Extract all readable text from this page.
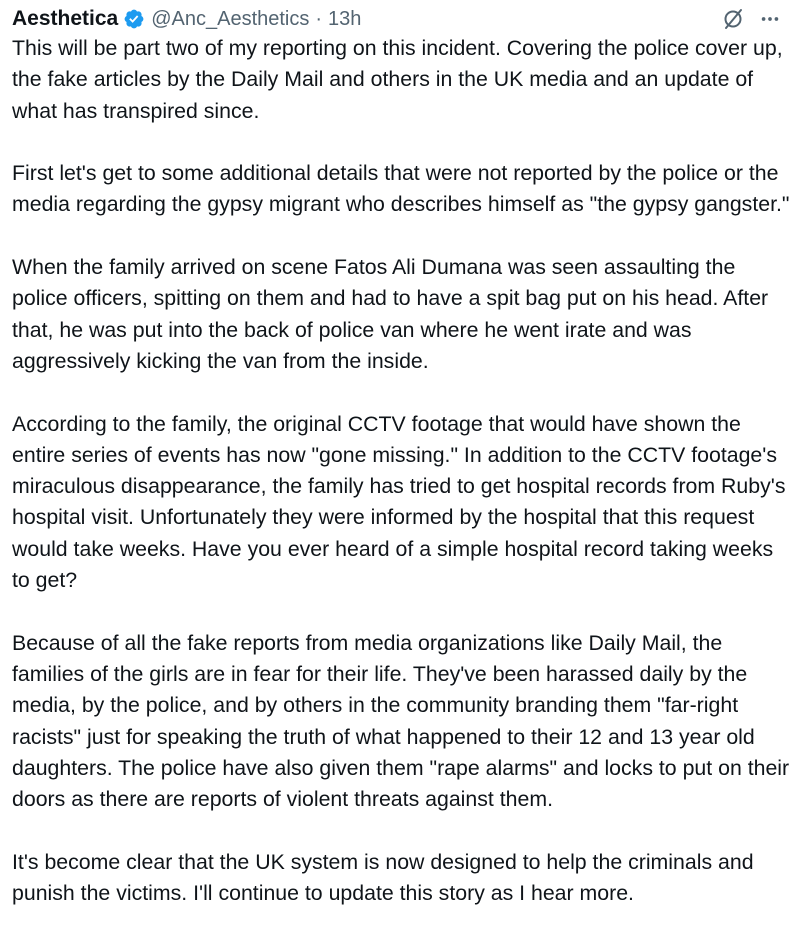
Aesthetica @Anc_Aesthetics · 13h

This will be part two of my reporting on this incident. Covering the police cover up, the fake articles by the Daily Mail and others in the UK media and an update of what has transpired since.

First let's get to some additional details that were not reported by the police or the media regarding the gypsy migrant who describes himself as "the gypsy gangster."

When the family arrived on scene Fatos Ali Dumana was seen assaulting the police officers, spitting on them and had to have a spit bag put on his head. After that, he was put into the back of police van where he went irate and was aggressively kicking the van from the inside.

According to the family, the original CCTV footage that would have shown the entire series of events has now "gone missing." In addition to the CCTV footage's miraculous disappearance, the family has tried to get hospital records from Ruby's hospital visit. Unfortunately they were informed by the hospital that this request would take weeks. Have you ever heard of a simple hospital record taking weeks to get?

Because of all the fake reports from media organizations like Daily Mail, the families of the girls are in fear for their life. They've been harassed daily by the media, by the police, and by others in the community branding them "far-right racists" just for speaking the truth of what happened to their 12 and 13 year old daughters. The police have also given them "rape alarms" and locks to put on their doors as there are reports of violent threats against them.

It's become clear that the UK system is now designed to help the criminals and punish the victims. I'll continue to update this story as I hear more.
